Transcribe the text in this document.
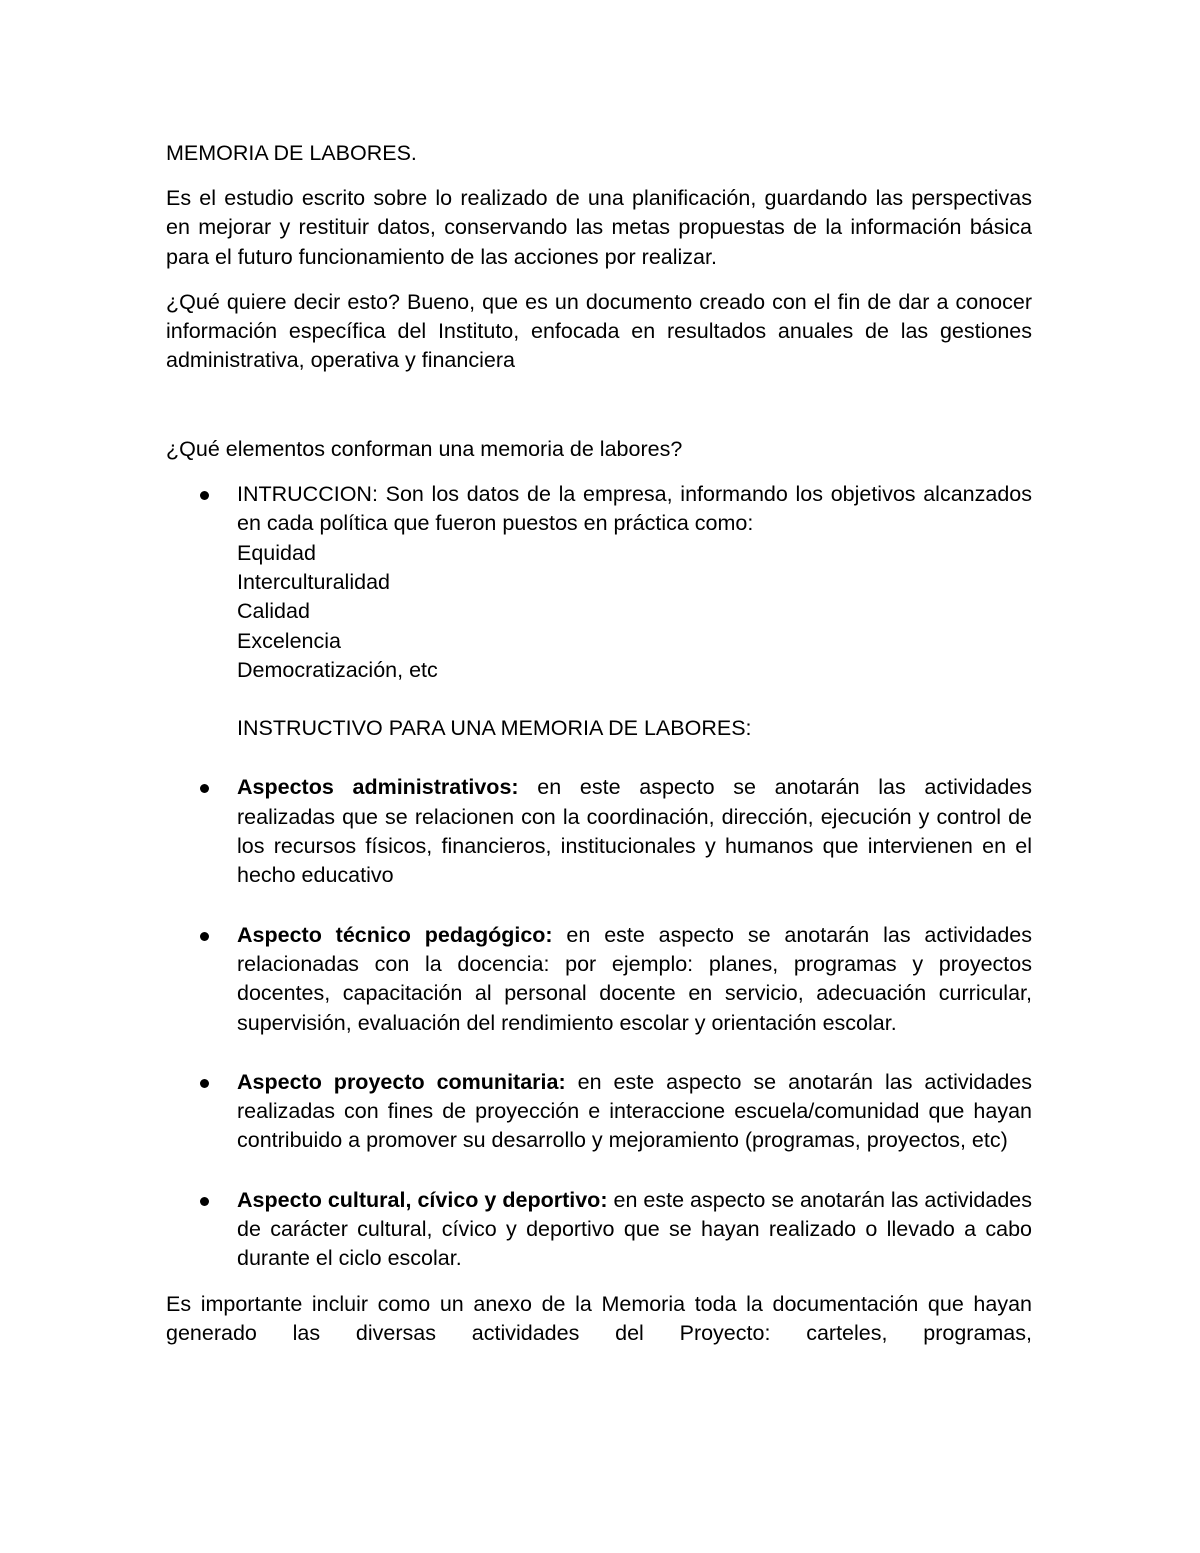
MEMORIA DE LABORES.

Es el estudio escrito sobre lo realizado de una planificación, guardando las perspectivas en mejorar y restituir datos, conservando las metas propuestas de la información básica para el futuro funcionamiento de las acciones por realizar.

¿Qué quiere decir esto? Bueno, que es un documento creado con el fin de dar a conocer información específica del Instituto, enfocada en resultados anuales de las gestiones administrativa, operativa y financiera

¿Qué elementos conforman una memoria de labores?

INTRUCCION: Son los datos de la empresa, informando los objetivos alcanzados en cada política que fueron puestos en práctica como:
Equidad
Interculturalidad
Calidad
Excelencia
Democratización, etc
INSTRUCTIVO PARA UNA MEMORIA DE LABORES:
Aspectos administrativos: en este aspecto se anotarán las actividades realizadas que se relacionen con la coordinación, dirección, ejecución y control de los recursos físicos, financieros, institucionales y humanos que intervienen en el hecho educativo
Aspecto técnico pedagógico: en este aspecto se anotarán las actividades relacionadas con la docencia: por ejemplo: planes, programas y proyectos docentes, capacitación al personal docente en servicio, adecuación curricular, supervisión, evaluación del rendimiento escolar y orientación escolar.
Aspecto proyecto comunitaria: en este aspecto se anotarán las actividades realizadas con fines de proyección e interaccione escuela/comunidad que hayan contribuido a promover su desarrollo y mejoramiento (programas, proyectos, etc)
Aspecto cultural, cívico y deportivo: en este aspecto se anotarán las actividades de carácter cultural, cívico y deportivo que se hayan realizado o llevado a cabo durante el ciclo escolar.

Es importante incluir como un anexo de la Memoria toda la documentación que hayan generado las diversas actividades del Proyecto: carteles, programas,
